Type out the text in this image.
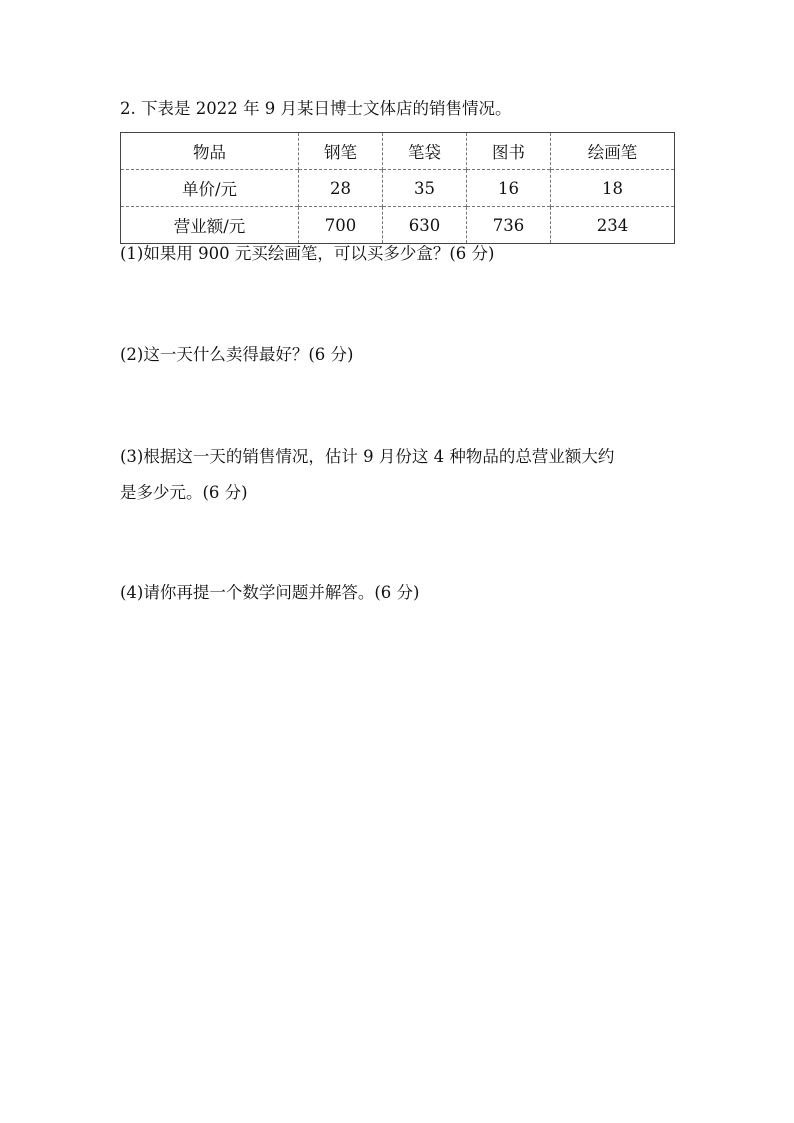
2. 下表是 2022 年 9 月某日博士文体店的销售情况。
物品	钢笔	笔袋	图书	绘画笔
单价/元	28	35	16	18
营业额/元	700	630	736	234
(1)如果用 900 元买绘画笔，可以买多少盒？(6 分)
(2)这一天什么卖得最好？(6 分)
(3)根据这一天的销售情况，估计 9 月份这 4 种物品的总营业额大约
是多少元。(6 分)
(4)请你再提一个数学问题并解答。(6 分)
